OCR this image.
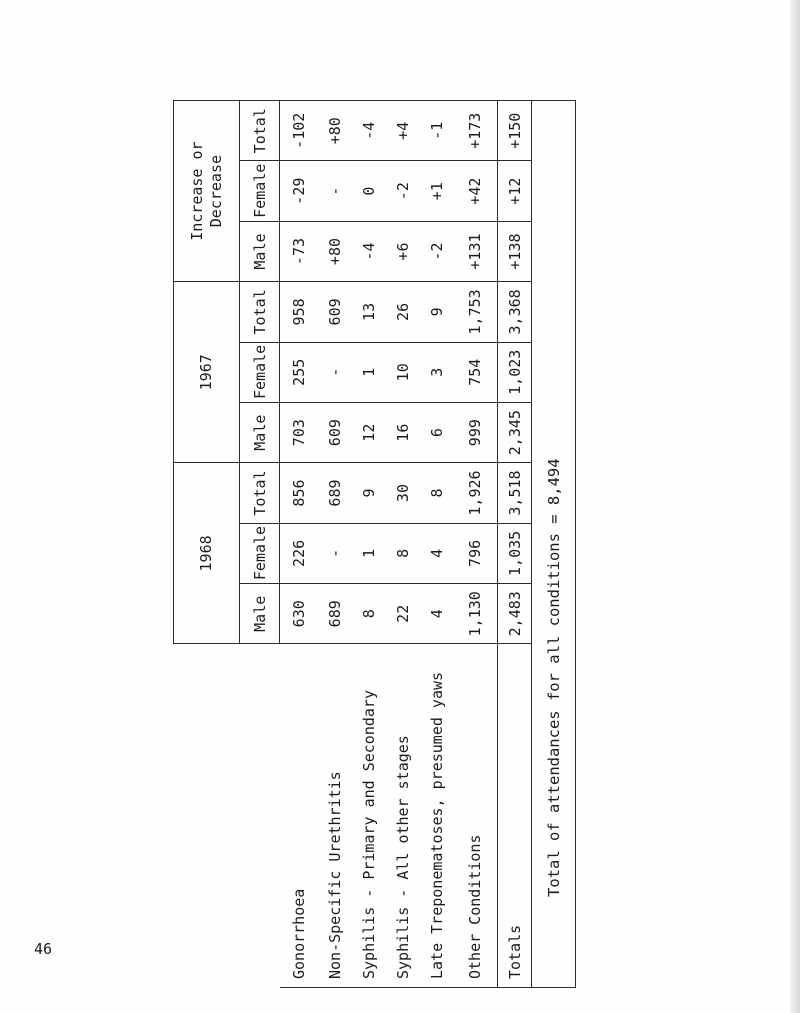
46
	1968			1967			Increase or Decrease		
	Male	Female	Total	Male	Female	Total	Male	Female	Total
Gonorrhoea	630	226	856	703	255	958	-73	-29	-102
Non-Specific Urethritis	689	-	689	609	-	609	+80	-	+80
Syphilis - Primary and Secondary	8	1	9	12	1	13	-4	0	-4
Syphilis - All other stages	22	8	30	16	10	26	+6	-2	+4
Late Treponematoses, presumed yaws	4	4	8	6	3	9	-2	+1	-1
Other Conditions	1,130	796	1,926	999	754	1,753	+131	+42	+173
Totals	2,483	1,035	3,518	2,345	1,023	3,368	+138	+12	+150
Total of attendances for all conditions = 8,494									
